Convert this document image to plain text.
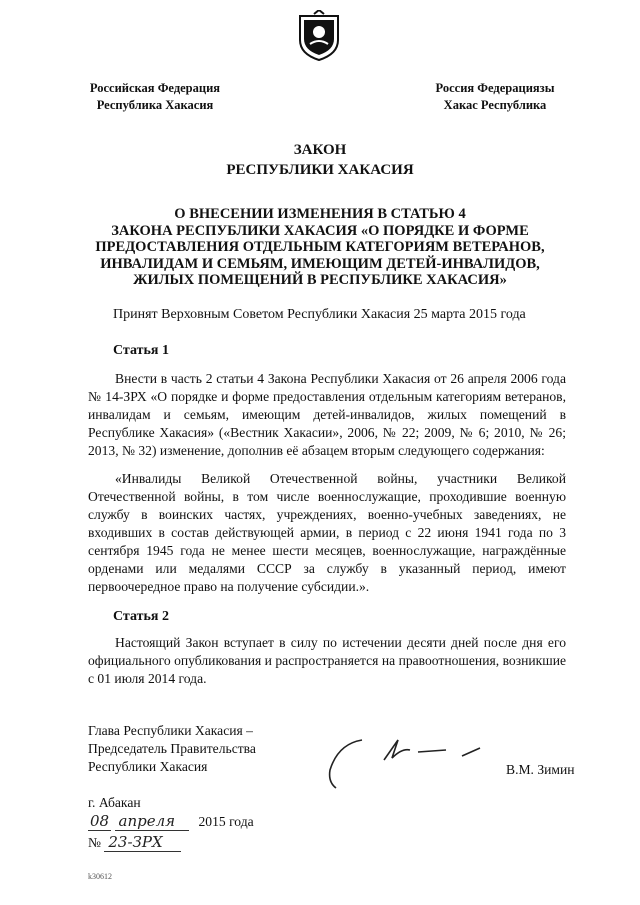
Российская Федерация
Республика Хакасия
Россия Федерациязы
Хакас Республика
ЗАКОН
РЕСПУБЛИКИ ХАКАСИЯ
О ВНЕСЕНИИ ИЗМЕНЕНИЯ В СТАТЬЮ 4
ЗАКОНА РЕСПУБЛИКИ ХАКАСИЯ «О ПОРЯДКЕ И ФОРМЕ
ПРЕДОСТАВЛЕНИЯ ОТДЕЛЬНЫМ КАТЕГОРИЯМ ВЕТЕРАНОВ,
ИНВАЛИДАМ И СЕМЬЯМ, ИМЕЮЩИМ ДЕТЕЙ-ИНВАЛИДОВ,
ЖИЛЫХ ПОМЕЩЕНИЙ В РЕСПУБЛИКЕ ХАКАСИЯ»
Принят Верховным Советом Республики Хакасия 25 марта 2015 года
Статья 1
Внести в часть 2 статьи 4 Закона Республики Хакасия от 26 апреля 2006 года № 14-ЗРХ «О порядке и форме предоставления отдельным категориям ветеранов, инвалидам и семьям, имеющим детей-инвалидов, жилых помещений в Республике Хакасия» («Вестник Хакасии», 2006, № 22; 2009, № 6; 2010, № 26; 2013, № 32) изменение, дополнив её абзацем вторым следующего содержания:
«Инвалиды Великой Отечественной войны, участники Великой Отечественной войны, в том числе военнослужащие, проходившие военную службу в воинских частях, учреждениях, военно-учебных заведениях, не входивших в состав действующей армии, в период с 22 июня 1941 года по 3 сентября 1945 года не менее шести месяцев, военнослужащие, награждённые орденами или медалями СССР за службу в указанный период, имеют первоочередное право на получение субсидии.».
Статья 2
Настоящий Закон вступает в силу по истечении десяти дней после дня его официального опубликования и распространяется на правоотношения, возникшие с 01 июля 2014 года.
Глава Республики Хакасия –
Председатель Правительства
Республики Хакасия	В.М. Зимин
г. Абакан
08 апреля 2015 года
№ 23-ЗРХ
k30612
